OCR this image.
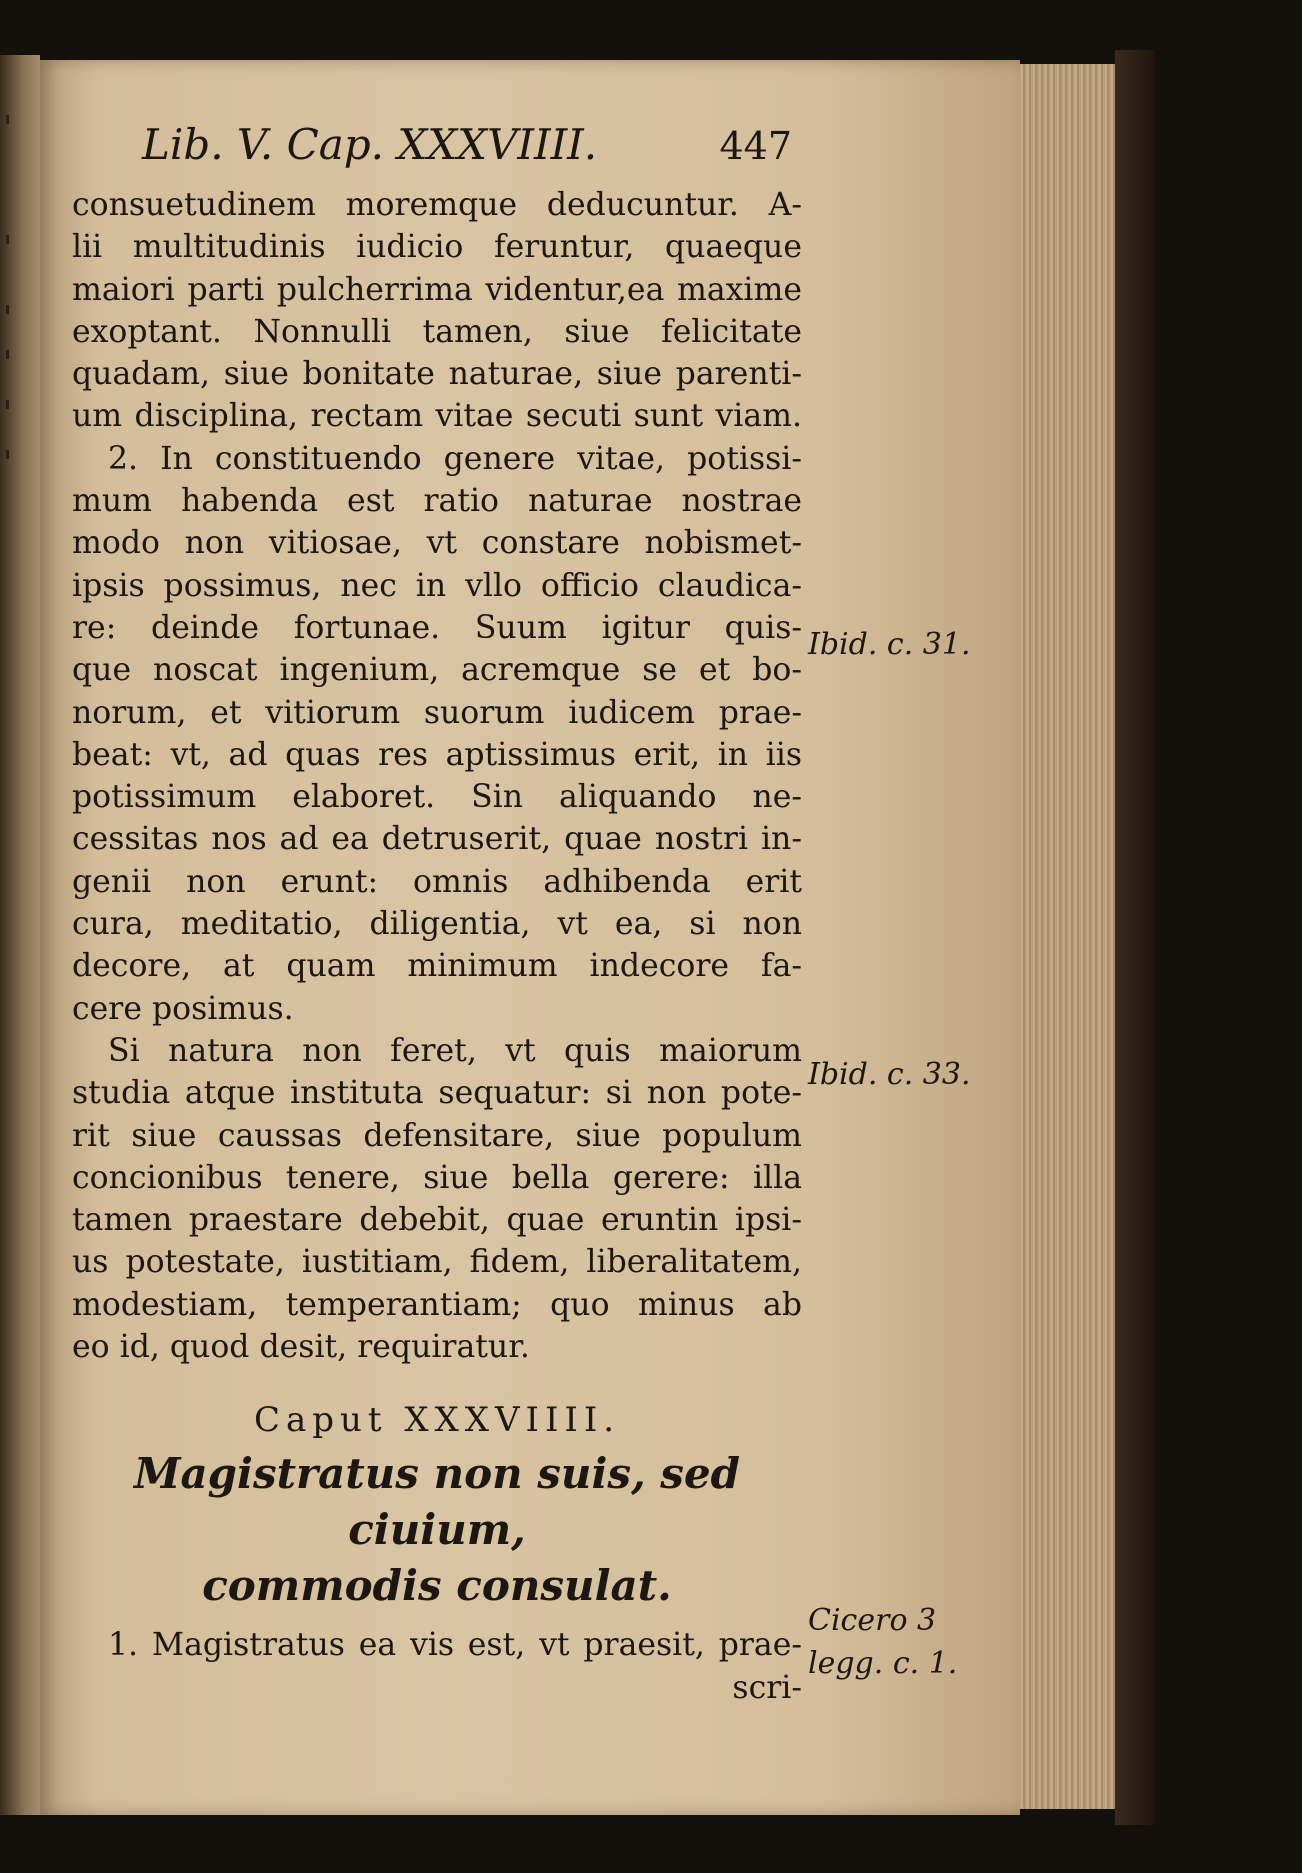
Lib. V. Cap. XXXVIIII.	447
consuetudinem moremque deducuntur. A-
lii multitudinis iudicio feruntur, quaeque
maiori parti pulcherrima videntur,ea maxime
exoptant. Nonnulli tamen, siue felicitate
quadam, siue bonitate naturae, siue parenti-
um disciplina, rectam vitae secuti sunt viam.
2. In constituendo genere vitae, potissi-
mum habenda est ratio naturae nostrae
modo non vitiosae, vt constare nobismet-
ipsis possimus, nec in vllo officio claudica-
re: deinde fortunae. Suum igitur quis-
que noscat ingenium, acremque se et bo-
norum, et vitiorum suorum iudicem prae-
beat: vt, ad quas res aptissimus erit, in iis
potissimum elaboret. Sin aliquando ne-
cessitas nos ad ea detruserit, quae nostri in-
genii non erunt: omnis adhibenda erit
cura, meditatio, diligentia, vt ea, si non
decore, at quam minimum indecore fa-
cere posimus.
Si natura non feret, vt quis maiorum
studia atque instituta sequatur: si non pote-
rit siue caussas defensitare, siue populum
concionibus tenere, siue bella gerere: illa
tamen praestare debebit, quae eruntin ipsi-
us potestate, iustitiam, fidem, liberalitatem,
modestiam, temperantiam; quo minus ab
eo id, quod desit, requiratur.
Caput XXXVIIII.
Magistratus non suis, sed ciuium,
commodis consulat.
1. Magistratus ea vis est, vt praesit, prae-
scri-
Ibid. c. 31.
Ibid. c. 33.
Cicero 3
legg. c. 1.
